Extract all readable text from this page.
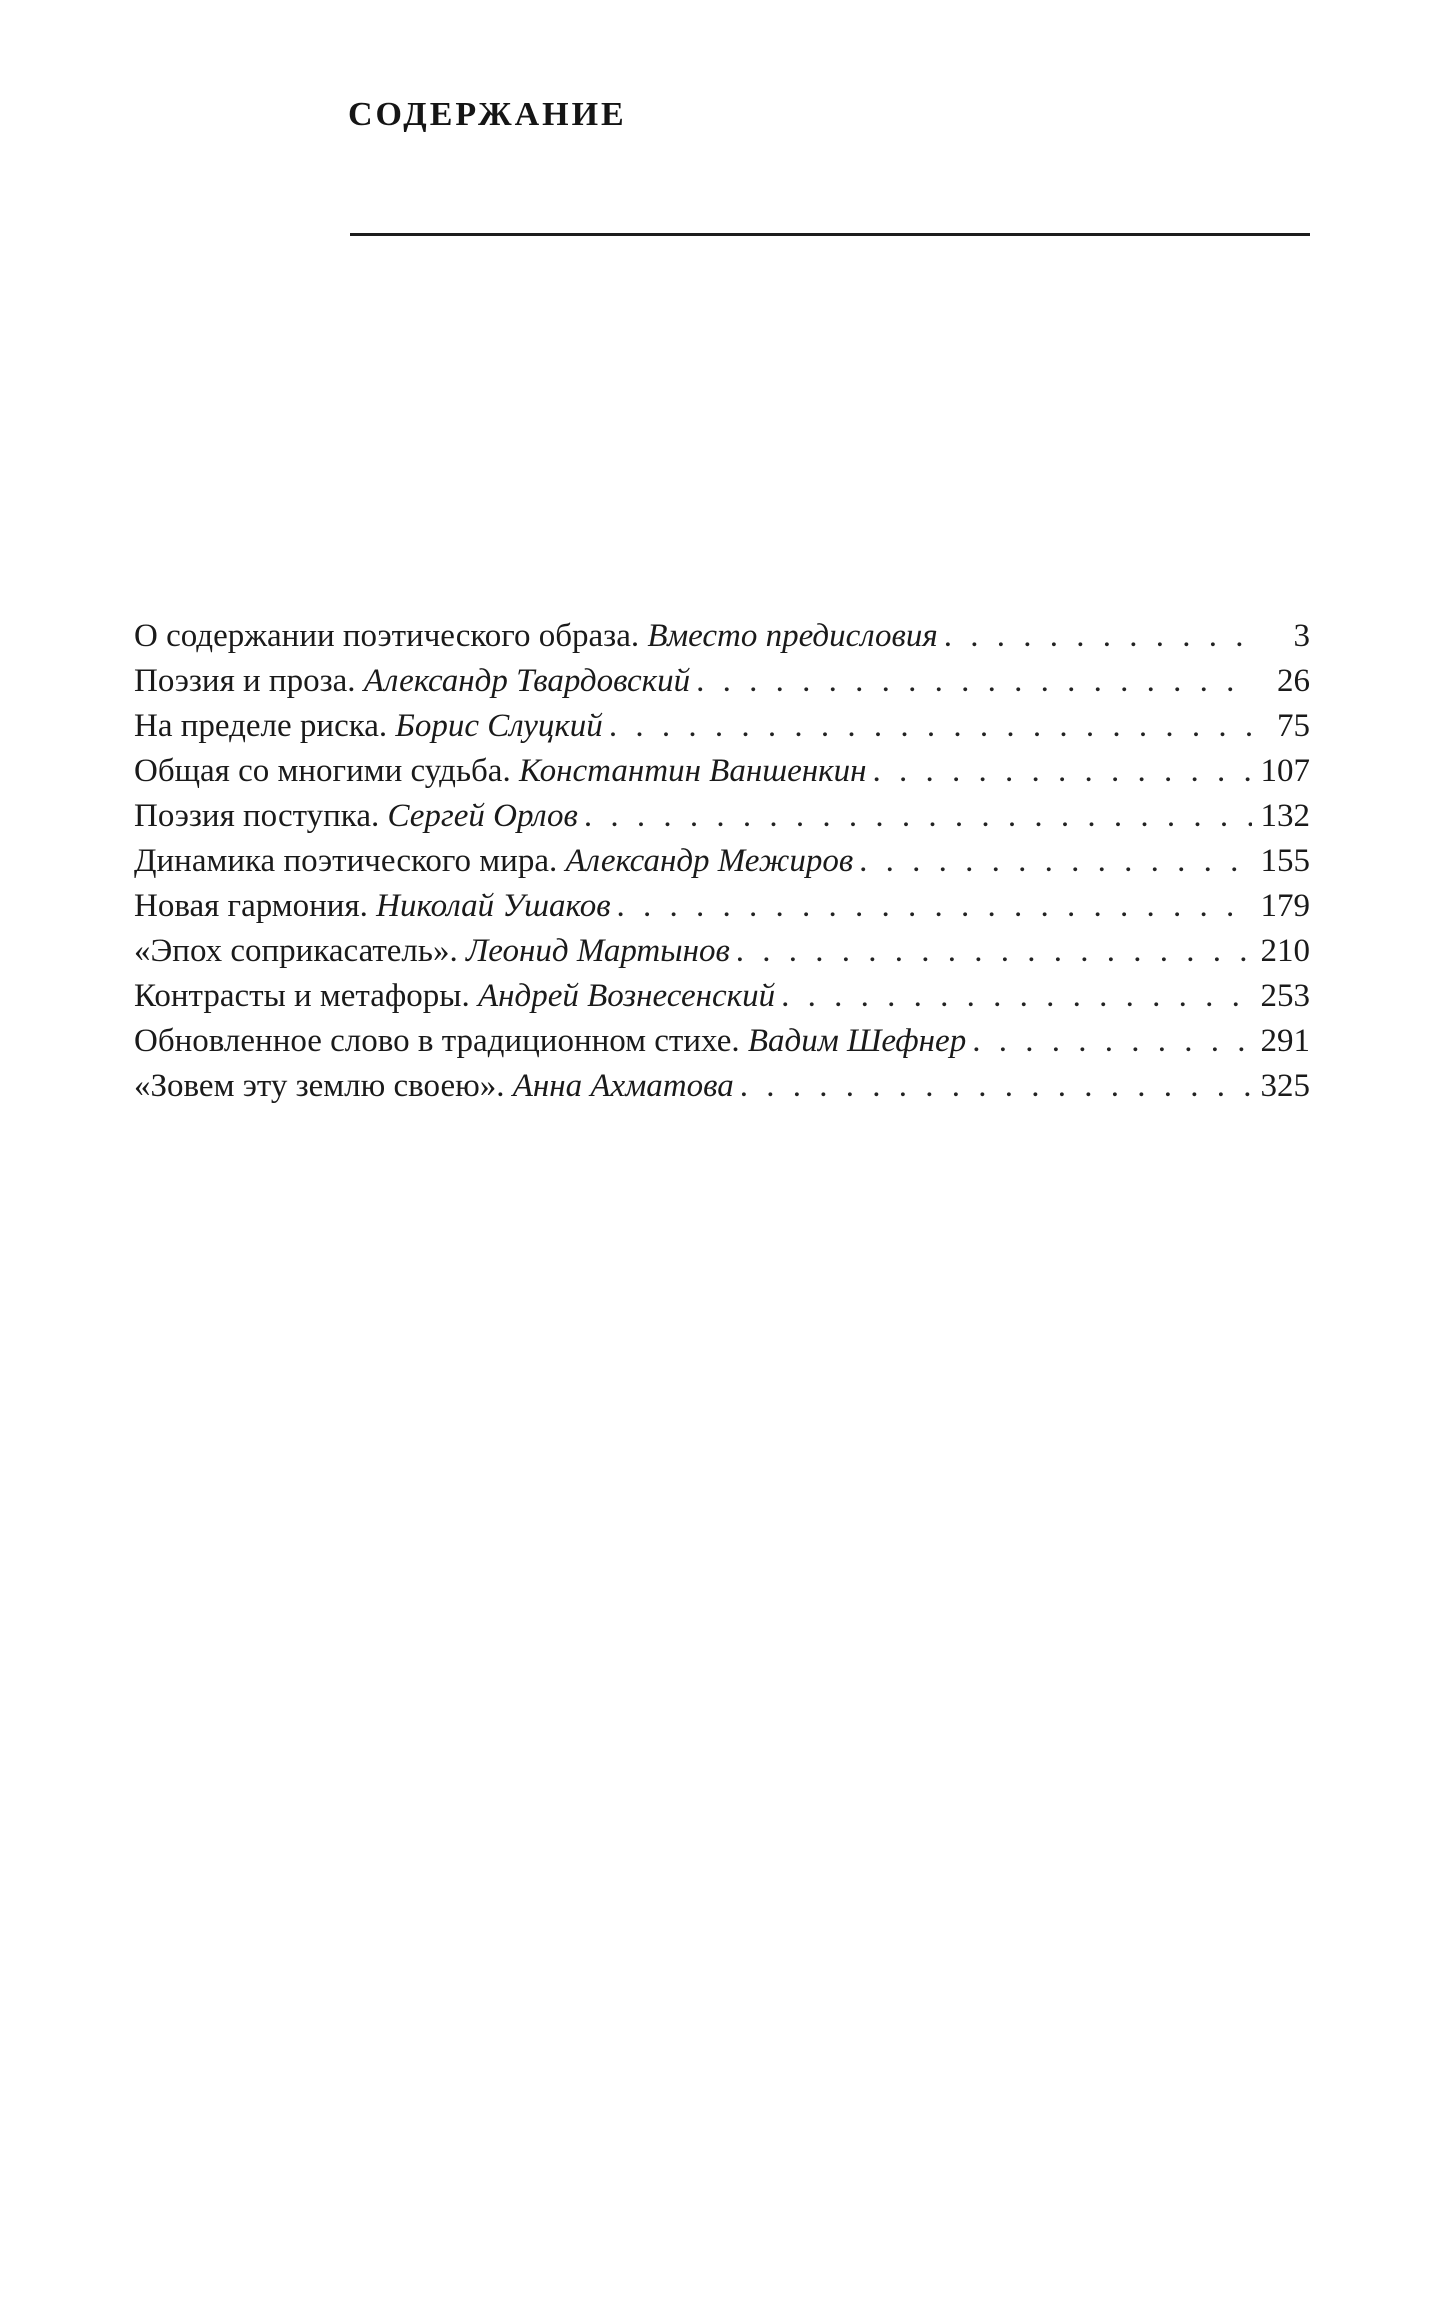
СОДЕРЖАНИЕ
О содержании поэтического образа. Вместо предисловия . . .	3
Поэзия и проза. Александр Твардовский . . .	26
На пределе риска. Борис Слуцкий . . .	75
Общая со многими судьба. Константин Ваншенкин . . .	107
Поэзия поступка. Сергей Орлов . . .	132
Динамика поэтического мира. Александр Межиров . . .	155
Новая гармония. Николай Ушаков . . .	179
«Эпох соприкасатель». Леонид Мартынов . . .	210
Контрасты и метафоры. Андрей Вознесенский . . .	253
Обновленное слово в традиционном стихе. Вадим Шефнер . . .	291
«Зовем эту землю своею». Анна Ахматова . . .	325
